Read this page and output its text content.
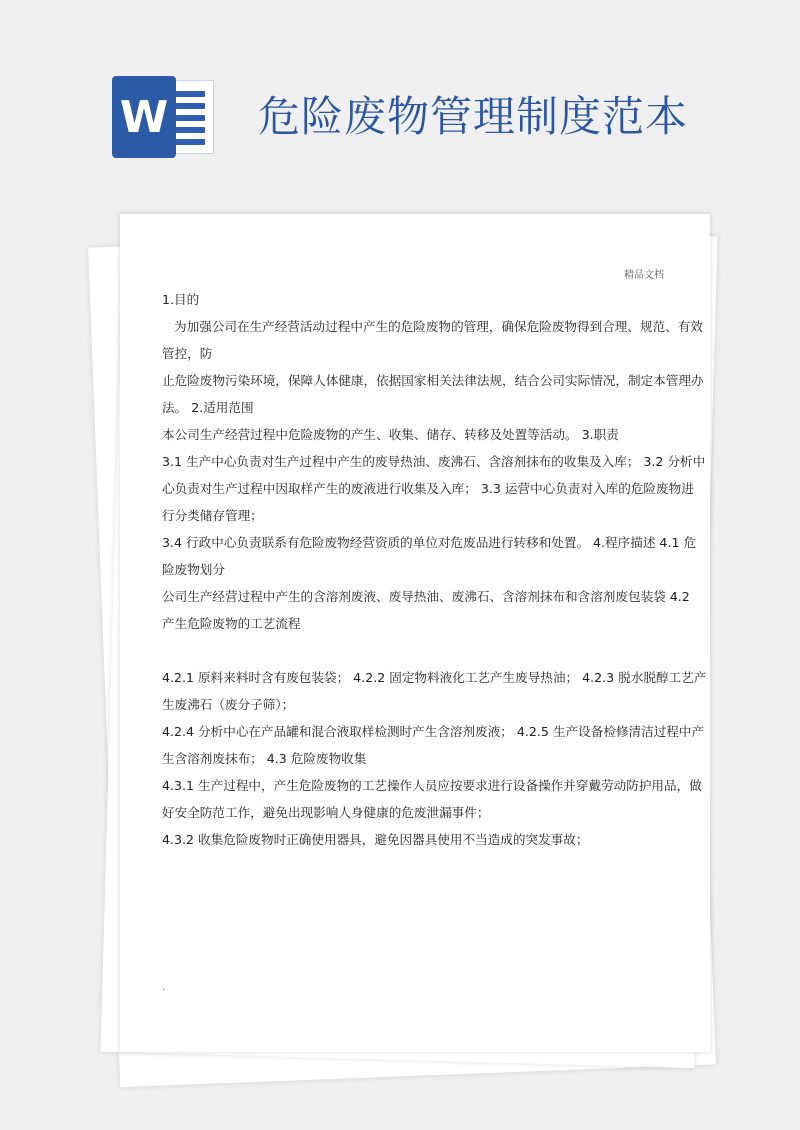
W 危险废物管理制度范本
精品文档

1.目的

为加强公司在生产经营活动过程中产生的危险废物的管理，确保危险废物得到合理、规范、有效

管控，防

止危险废物污染环境，保障人体健康，依据国家相关法律法规，结合公司实际情况，制定本管理办

法。 2.适用范围

本公司生产经营过程中危险废物的产生、收集、储存、转移及处置等活动。 3.职责

3.1 生产中心负责对生产过程中产生的废导热油、废沸石、含溶剂抹布的收集及入库； 3.2 分析中

心负责对生产过程中因取样产生的废液进行收集及入库； 3.3 运营中心负责对入库的危险废物进

行分类储存管理；

3.4 行政中心负责联系有危险废物经营资质的单位对危废品进行转移和处置。 4.程序描述 4.1 危

险废物划分

公司生产经营过程中产生的含溶剂废液、废导热油、废沸石、含溶剂抹布和含溶剂废包装袋 4.2

产生危险废物的工艺流程

4.2.1 原料来料时含有废包装袋； 4.2.2 固定物料液化工艺产生废导热油； 4.2.3 脱水脱醇工艺产

生废沸石（废分子筛）；

4.2.4 分析中心在产品罐和混合液取样检测时产生含溶剂废液； 4.2.5 生产设备检修清洁过程中产

生含溶剂废抹布； 4.3 危险废物收集

4.3.1 生产过程中，产生危险废物的工艺操作人员应按要求进行设备操作并穿戴劳动防护用品，做

好安全防范工作，避免出现影响人身健康的危废泄漏事件；

4.3.2 收集危险废物时正确使用器具，避免因器具使用不当造成的突发事故；

.
